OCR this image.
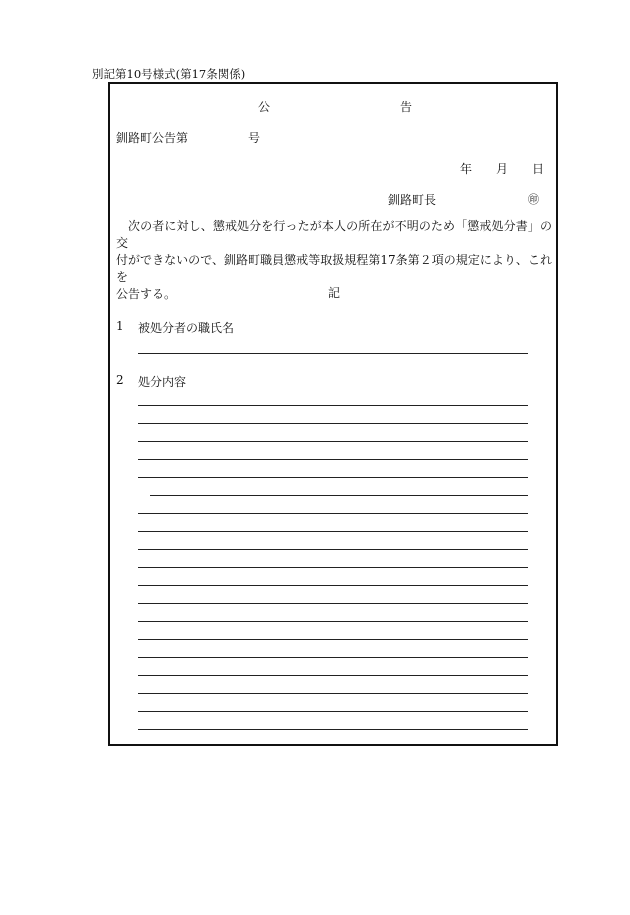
別記第10号様式(第17条関係)
公	告
釧路町公告第	号
年 月 日
釧路町長	㊞

次の者に対し、懲戒処分を行ったが本人の所在が不明のため「懲戒処分書」の交

付ができないので、釧路町職員懲戒等取扱規程第17条第２項の規定により、これを

公告する。	記
1 被処分者の職氏名
2 処分内容
